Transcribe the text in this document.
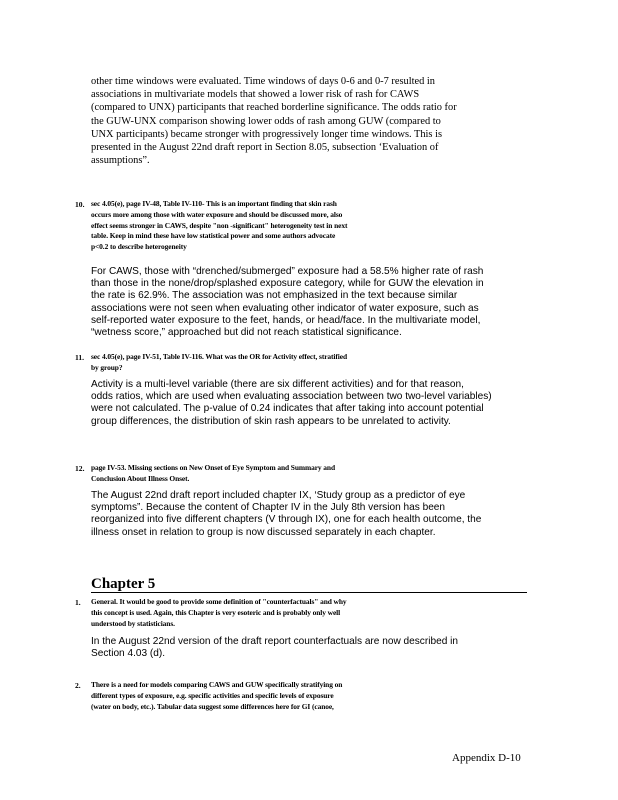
other time windows were evaluated. Time windows of days 0-6 and 0-7 resulted in

associations in multivariate models that showed a lower risk of rash for CAWS

(compared to UNX) participants that reached borderline significance. The odds ratio for

the GUW-UNX comparison showing lower odds of rash among GUW (compared to

UNX participants) became stronger with progressively longer time windows. This is

presented in the August 22nd draft report in Section 8.05, subsection ‘Evaluation of

assumptions”.

10. sec 4.05(e), page IV-48, Table IV-110- This is an important finding that skin rash
occurs more among those with water exposure and should be discussed more, also
effect seems stronger in CAWS, despite "non -significant" heterogeneity test in next
table. Keep in mind these have low statistical power and some authors advocate
p<0.2 to describe heterogeneity
For CAWS, those with “drenched/submerged” exposure had a 58.5% higher rate of rash
than those in the none/drop/splashed exposure category, while for GUW the elevation in
the rate is 62.9%. The association was not emphasized in the text because similar
associations were not seen when evaluating other indicator of water exposure, such as
self-reported water exposure to the feet, hands, or head/face. In the multivariate model,
“wetness score,” approached but did not reach statistical significance.
11. sec 4.05(e), page IV-51, Table IV-116. What was the OR for Activity effect, stratified
by group?
Activity is a multi-level variable (there are six different activities) and for that reason,
odds ratios, which are used when evaluating association between two two-level variables)
were not calculated. The p-value of 0.24 indicates that after taking into account potential
group differences, the distribution of skin rash appears to be unrelated to activity.
12. page IV-53. Missing sections on New Onset of Eye Symptom and Summary and
Conclusion About Illness Onset.
The August 22nd draft report included chapter IX, ‘Study group as a predictor of eye
symptoms”. Because the content of Chapter IV in the July 8th version has been
reorganized into five different chapters (V through IX), one for each health outcome, the
illness onset in relation to group is now discussed separately in each chapter.
Chapter 5
1. General. It would be good to provide some definition of "counterfactuals" and why
this concept is used. Again, this Chapter is very esoteric and is probably only well
understood by statisticians.
In the August 22nd version of the draft report counterfactuals are now described in
Section 4.03 (d).
2. There is a need for models comparing CAWS and GUW specifically stratifying on
different types of exposure, e.g. specific activities and specific levels of exposure
(water on body, etc.). Tabular data suggest some differences here for GI (canoe,
Appendix D-10
